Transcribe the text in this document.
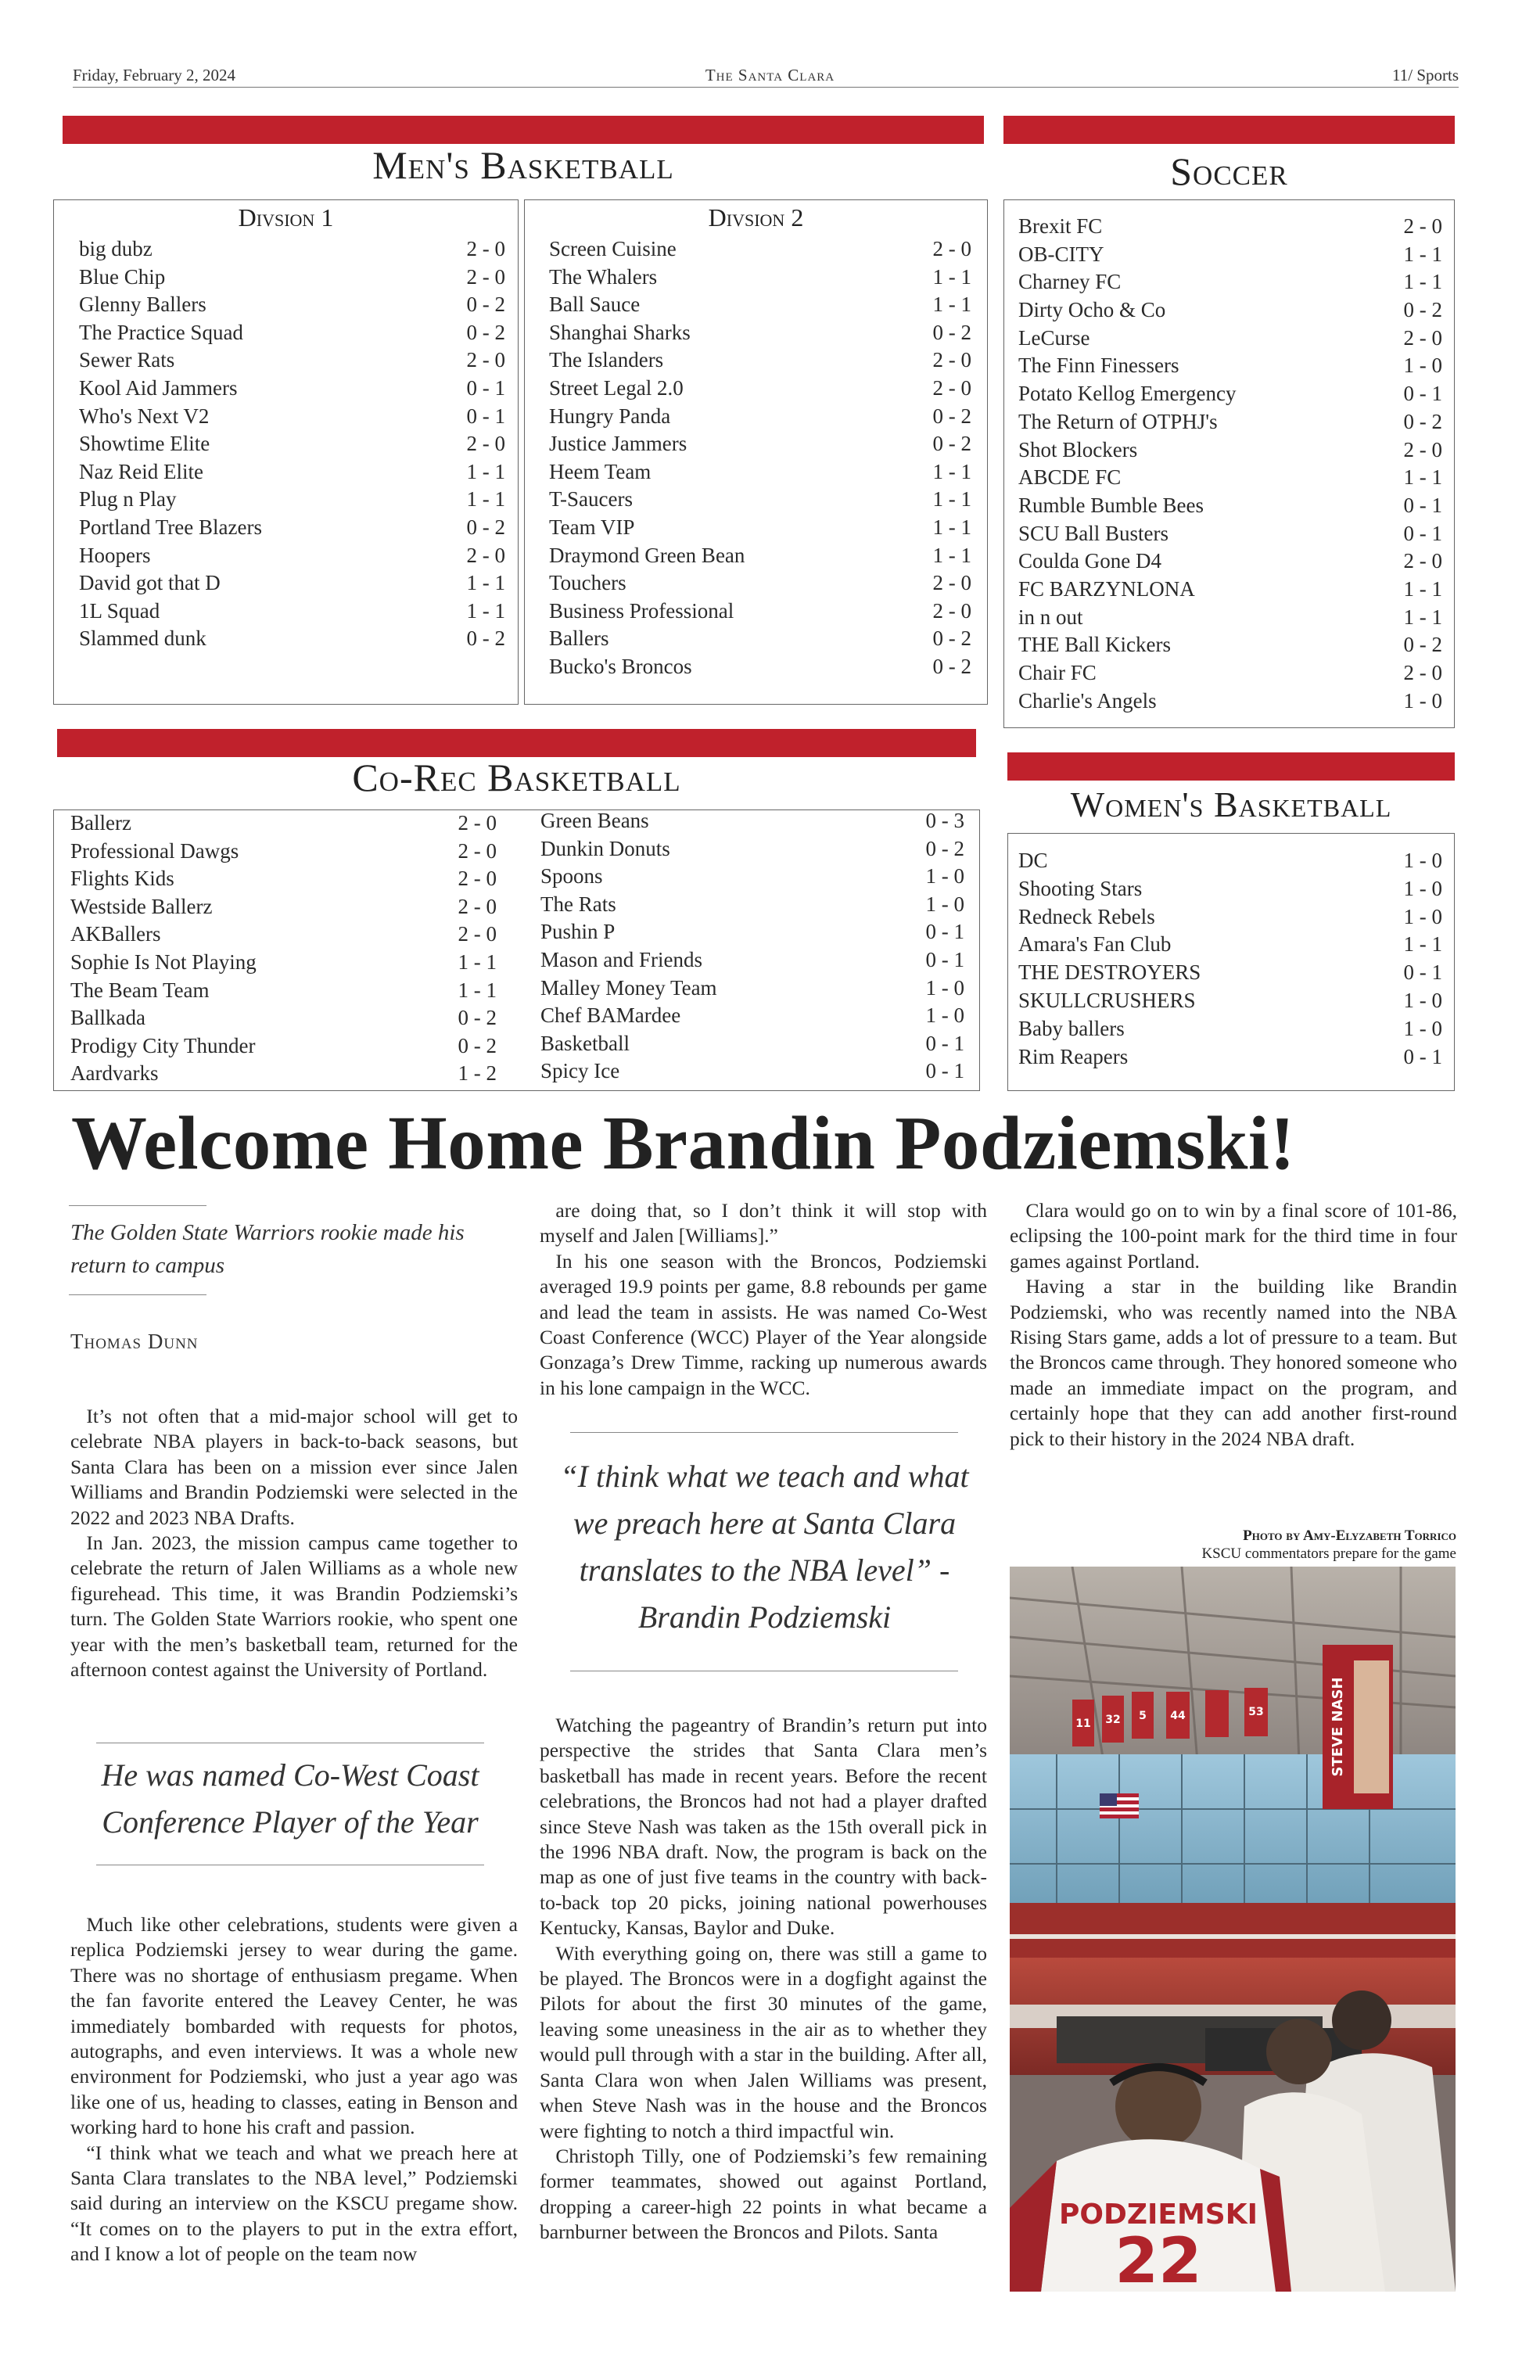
Friday, February 2, 2024	The Santa Clara	11/ Sports
Men's Basketball
Divsion 1	Divsion 2
big dubz	2 - 0
Blue Chip	2 - 0
Glenny Ballers	0 - 2
The Practice Squad	0 - 2
Sewer Rats	2 - 0
Kool Aid Jammers	0 - 1
Who's Next V2	0 - 1
Showtime Elite	2 - 0
Naz Reid Elite	1 - 1
Plug n Play	1 - 1
Portland Tree Blazers	0 - 2
Hoopers	2 - 0
David got that D	1 - 1
1L Squad	1 - 1
Slammed dunk	0 - 2
Screen Cuisine	2 - 0
The Whalers	1 - 1
Ball Sauce	1 - 1
Shanghai Sharks	0 - 2
The Islanders	2 - 0
Street Legal 2.0	2 - 0
Hungry Panda	0 - 2
Justice Jammers	0 - 2
Heem Team	1 - 1
T-Saucers	1 - 1
Team VIP	1 - 1
Draymond Green Bean	1 - 1
Touchers	2 - 0
Business Professional	2 - 0
Ballers	0 - 2
Bucko's Broncos	0 - 2
Soccer
Brexit FC	2 - 0
OB-CITY	1 - 1
Charney FC	1 - 1
Dirty Ocho & Co	0 - 2
LeCurse	2 - 0
The Finn Finessers	1 - 0
Potato Kellog Emergency	0 - 1
The Return of OTPHJ's	0 - 2
Shot Blockers	2 - 0
ABCDE FC	1 - 1
Rumble Bumble Bees	0 - 1
SCU Ball Busters	0 - 1
Coulda Gone D4	2 - 0
FC BARZYNLONA	1 - 1
in n out	1 - 1
THE Ball Kickers	0 - 2
Chair FC	2 - 0
Charlie's Angels	1 - 0
Co-Rec Basketball
Ballerz	2 - 0
Professional Dawgs	2 - 0
Flights Kids	2 - 0
Westside Ballerz	2 - 0
AKBallers	2 - 0
Sophie Is Not Playing	1 - 1
The Beam Team	1 - 1
Ballkada	0 - 2
Prodigy City Thunder	0 - 2
Aardvarks	1 - 2
Green Beans	0 - 3
Dunkin Donuts	0 - 2
Spoons	1 - 0
The Rats	1 - 0
Pushin P	0 - 1
Mason and Friends	0 - 1
Malley Money Team	1 - 0
Chef BAMardee	1 - 0
Basketball	0 - 1
Spicy Ice	0 - 1
Women's Basketball
DC	1 - 0
Shooting Stars	1 - 0
Redneck Rebels	1 - 0
Amara's Fan Club	1 - 1
THE DESTROYERS	0 - 1
SKULLCRUSHERS	1 - 0
Baby ballers	1 - 0
Rim Reapers	0 - 1
Welcome Home Brandin Podziemski!
The Golden State Warriors rookie made his return to campus
Thomas Dunn

It’s not often that a mid-major school will get to celebrate NBA players in back-to-back seasons, but Santa Clara has been on a mission ever since Jalen Williams and Brandin Podziemski were selected in the 2022 and 2023 NBA Drafts.

In Jan. 2023, the mission campus came together to celebrate the return of Jalen Williams as a whole new figurehead. This time, it was Brandin Podziemski’s turn. The Golden State Warriors rookie, who spent one year with the men’s basketball team, returned for the afternoon contest against the University of Portland.

He was named Co-West Coast Conference Player of the Year

Much like other celebrations, students were given a replica Podziemski jersey to wear during the game. There was no shortage of enthusiasm pregame. When the fan favorite entered the Leavey Center, he was immediately bombarded with requests for photos, autographs, and even interviews. It was a whole new environment for Podziemski, who just a year ago was like one of us, heading to classes, eating in Benson and working hard to hone his craft and passion.

“I think what we teach and what we preach here at Santa Clara translates to the NBA level,” Podziemski said during an interview on the KSCU pregame show. “It comes on to the players to put in the extra effort, and I know a lot of people on the team now

are doing that, so I don’t think it will stop with myself and Jalen [Williams].”

In his one season with the Broncos, Podziemski averaged 19.9 points per game, 8.8 rebounds per game and lead the team in assists. He was named Co-West Coast Conference (WCC) Player of the Year alongside Gonzaga’s Drew Timme, racking up numerous awards in his lone campaign in the WCC.

“I think what we teach and what we preach here at Santa Clara translates to the NBA level” - Brandin Podziemski

Watching the pageantry of Brandin’s return put into perspective the strides that Santa Clara men’s basketball has made in recent years. Before the recent celebrations, the Broncos had not had a player drafted since Steve Nash was taken as the 15th overall pick in the 1996 NBA draft. Now, the program is back on the map as one of just five teams in the country with back-to-back top 20 picks, joining national powerhouses Kentucky, Kansas, Baylor and Duke.

With everything going on, there was still a game to be played. The Broncos were in a dogfight against the Pilots for about the first 30 minutes of the game, leaving some uneasiness in the air as to whether they would pull through with a star in the building. After all, Santa Clara won when Jalen Williams was present, when Steve Nash was in the house and the Broncos were fighting to notch a third impactful win.

Christoph Tilly, one of Podziemski’s few remaining former teammates, showed out against Portland, dropping a career-high 22 points in what became a barnburner between the Broncos and Pilots. Santa

Clara would go on to win by a final score of 101-86, eclipsing the 100-point mark for the third time in four games against Portland.

Having a star in the building like Brandin Podziemski, who was recently named into the NBA Rising Stars game, adds a lot of pressure to a team. But the Broncos came through. They honored someone who made an immediate impact on the program, and certainly hope that they can add another first-round pick to their history in the 2024 NBA draft.

Photo by Amy-Elyzabeth Torrico
KSCU commentators prepare for the game
11 32 5 44	53	STEVE NASH
PODZIEMSKI
22
